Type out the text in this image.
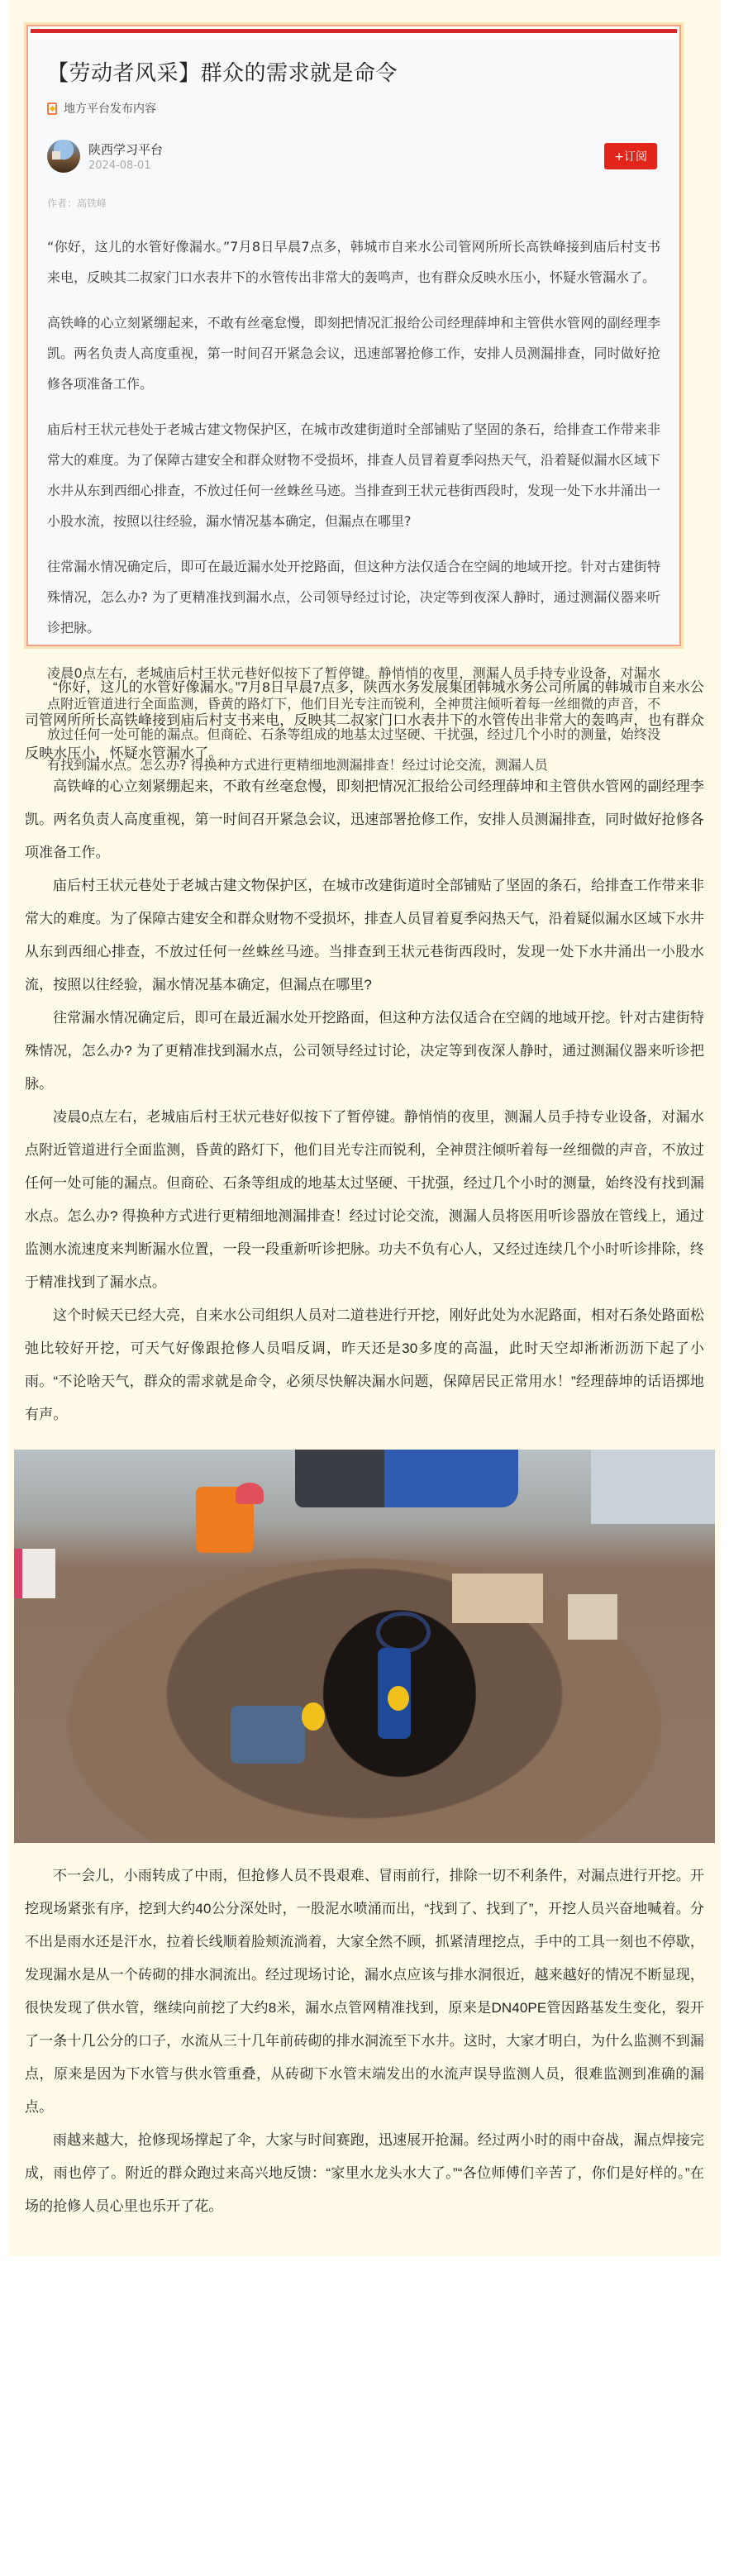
【劳动者风采】群众的需求就是命令
地方平台发布内容
陕西学习平台
2024-08-01
+订阅
作者：高铁峰

“你好，这儿的水管好像漏水。”7月8日早晨7点多，韩城市自来水公司管网所所长高铁峰接到庙后村支书来电，反映其二叔家门口水表井下的水管传出非常大的轰鸣声，也有群众反映水压小，怀疑水管漏水了。

高铁峰的心立刻紧绷起来，不敢有丝毫怠慢，即刻把情况汇报给公司经理薛坤和主管供水管网的副经理李凯。两名负责人高度重视，第一时间召开紧急会议，迅速部署抢修工作，安排人员测漏排查，同时做好抢修各项准备工作。

庙后村王状元巷处于老城古建文物保护区，在城市改建街道时全部铺贴了坚固的条石，给排查工作带来非常大的难度。为了保障古建安全和群众财物不受损坏，排查人员冒着夏季闷热天气，沿着疑似漏水区域下水井从东到西细心排查，不放过任何一丝蛛丝马迹。当排查到王状元巷街西段时，发现一处下水井涌出一小股水流，按照以往经验，漏水情况基本确定，但漏点在哪里?

往常漏水情况确定后，即可在最近漏水处开挖路面，但这种方法仅适合在空阔的地域开挖。针对古建街特殊情况，怎么办? 为了更精准找到漏水点，公司领导经过讨论，决定等到夜深人静时，通过测漏仪器来听诊把脉。

凌晨0点左右，老城庙后村王状元巷好似按下了暂停键。静悄悄的夜里，测漏人员手持专业设备，对漏水点附近管道进行全面监测，昏黄的路灯下，他们目光专注而锐利，全神贯注倾听着每一丝细微的声音，不放过任何一处可能的漏点。但商砼、石条等组成的地基太过坚硬、干扰强，经过几个小时的测量，始终没有找到漏水点。怎么办? 得换种方式进行更精细地测漏排查！经过讨论交流，测漏人员

“你好，这儿的水管好像漏水。”7月8日早晨7点多，陕西水务发展集团韩城水务公司所属的韩城市自来水公司管网所所长高铁峰接到庙后村支书来电，反映其二叔家门口水表井下的水管传出非常大的轰鸣声，也有群众反映水压小，怀疑水管漏水了。

高铁峰的心立刻紧绷起来，不敢有丝毫怠慢，即刻把情况汇报给公司经理薛坤和主管供水管网的副经理李凯。两名负责人高度重视，第一时间召开紧急会议，迅速部署抢修工作，安排人员测漏排查，同时做好抢修各项准备工作。

庙后村王状元巷处于老城古建文物保护区，在城市改建街道时全部铺贴了坚固的条石，给排查工作带来非常大的难度。为了保障古建安全和群众财物不受损坏，排查人员冒着夏季闷热天气，沿着疑似漏水区域下水井从东到西细心排查，不放过任何一丝蛛丝马迹。当排查到王状元巷街西段时，发现一处下水井涌出一小股水流，按照以往经验，漏水情况基本确定，但漏点在哪里?

往常漏水情况确定后，即可在最近漏水处开挖路面，但这种方法仅适合在空阔的地域开挖。针对古建街特殊情况，怎么办? 为了更精准找到漏水点，公司领导经过讨论，决定等到夜深人静时，通过测漏仪器来听诊把脉。

凌晨0点左右，老城庙后村王状元巷好似按下了暂停键。静悄悄的夜里，测漏人员手持专业设备，对漏水点附近管道进行全面监测，昏黄的路灯下，他们目光专注而锐利，全神贯注倾听着每一丝细微的声音，不放过任何一处可能的漏点。但商砼、石条等组成的地基太过坚硬、干扰强，经过几个小时的测量，始终没有找到漏水点。怎么办? 得换种方式进行更精细地测漏排查！经过讨论交流，测漏人员将医用听诊器放在管线上，通过监测水流速度来判断漏水位置，一段一段重新听诊把脉。功夫不负有心人，又经过连续几个小时听诊排除，终于精准找到了漏水点。

这个时候天已经大亮，自来水公司组织人员对二道巷进行开挖，刚好此处为水泥路面，相对石条处路面松弛比较好开挖，可天气好像跟抢修人员唱反调，昨天还是30多度的高温，此时天空却淅淅沥沥下起了小雨。“不论啥天气，群众的需求就是命令，必须尽快解决漏水问题，保障居民正常用水！”经理薛坤的话语掷地有声。

不一会儿，小雨转成了中雨，但抢修人员不畏艰难、冒雨前行，排除一切不利条件，对漏点进行开挖。开挖现场紧张有序，挖到大约40公分深处时，一股泥水喷涌而出，“找到了、找到了”，开挖人员兴奋地喊着。分不出是雨水还是汗水，拉着长线顺着脸颊流淌着，大家全然不顾，抓紧清理挖点，手中的工具一刻也不停歇，发现漏水是从一个砖砌的排水洞流出。经过现场讨论，漏水点应该与排水洞很近，越来越好的情况不断显现，很快发现了供水管，继续向前挖了大约8米，漏水点管网精准找到，原来是DN40PE管因路基发生变化，裂开了一条十几公分的口子，水流从三十几年前砖砌的排水洞流至下水井。这时，大家才明白，为什么监测不到漏点，原来是因为下水管与供水管重叠，从砖砌下水管末端发出的水流声误导监测人员，很难监测到准确的漏点。

雨越来越大，抢修现场撑起了伞，大家与时间赛跑，迅速展开抢漏。经过两小时的雨中奋战，漏点焊接完成，雨也停了。附近的群众跑过来高兴地反馈：“家里水龙头水大了。”“各位师傅们辛苦了，你们是好样的。”在场的抢修人员心里也乐开了花。
